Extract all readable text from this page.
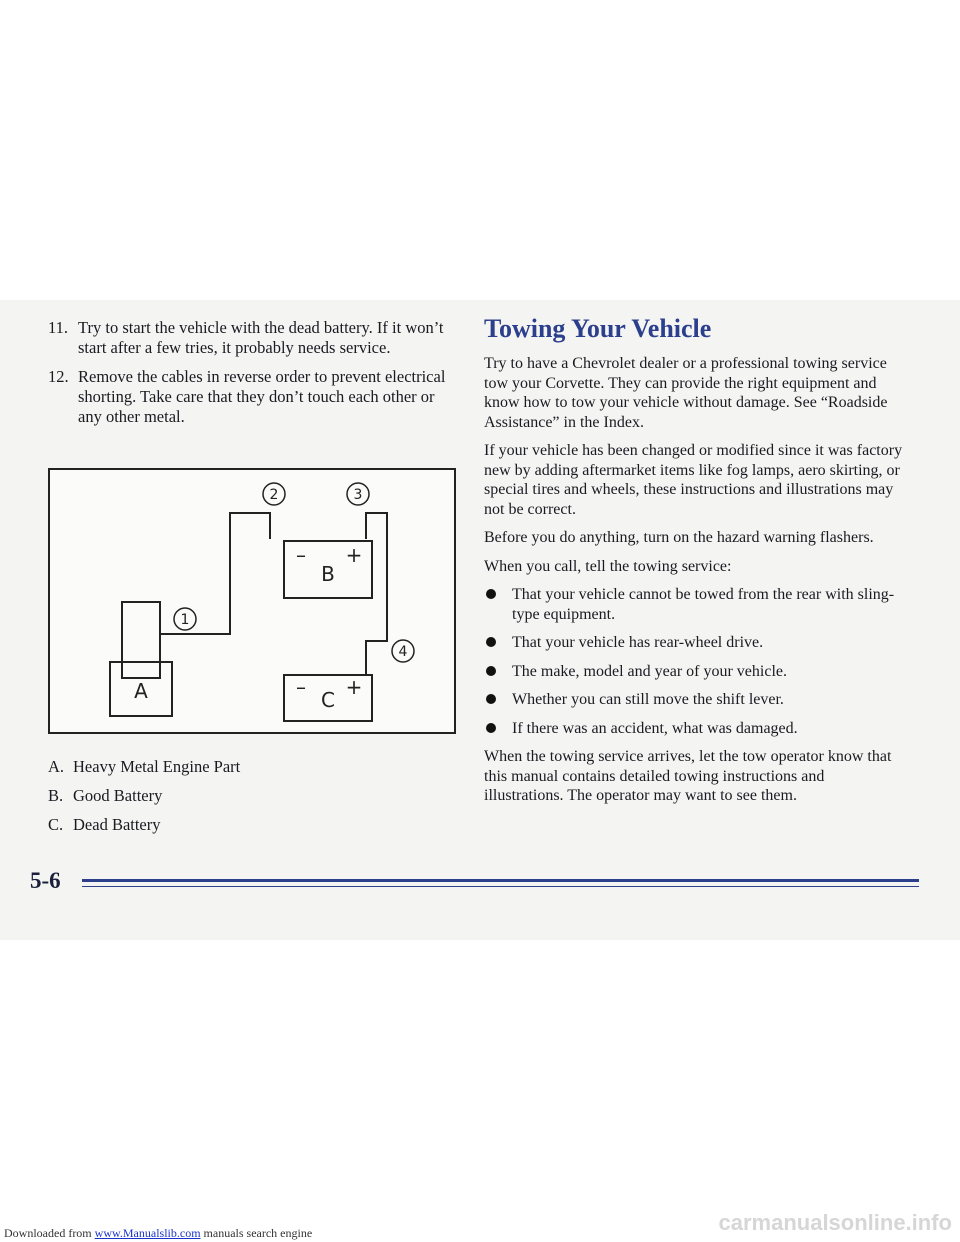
11. Try to start the vehicle with the dead battery. If it won’t start after a few tries, it probably needs service.
12. Remove the cables in reverse order to prevent electrical shorting. Take care that they don’t touch each other or any other metal.
2	3
1
4
A
B
C
– +
– +
A. Heavy Metal Engine Part
B. Good Battery
C. Dead Battery
Towing Your Vehicle

Try to have a Chevrolet dealer or a professional towing service tow your Corvette. They can provide the right equipment and know how to tow your vehicle without damage. See “Roadside Assistance” in the Index.

If your vehicle has been changed or modified since it was factory new by adding aftermarket items like fog lamps, aero skirting, or special tires and wheels, these instructions and illustrations may not be correct.

Before you do anything, turn on the hazard warning flashers.

When you call, tell the towing service:

That your vehicle cannot be towed from the rear with sling-type equipment.
That your vehicle has rear-wheel drive.
The make, model and year of your vehicle.
Whether you can still move the shift lever.
If there was an accident, what was damaged.

When the towing service arrives, let the tow operator know that this manual contains detailed towing instructions and illustrations. The operator may want to see them.

5-6
Downloaded from www.Manualslib.com manuals search engine	carmanualsonline.info
